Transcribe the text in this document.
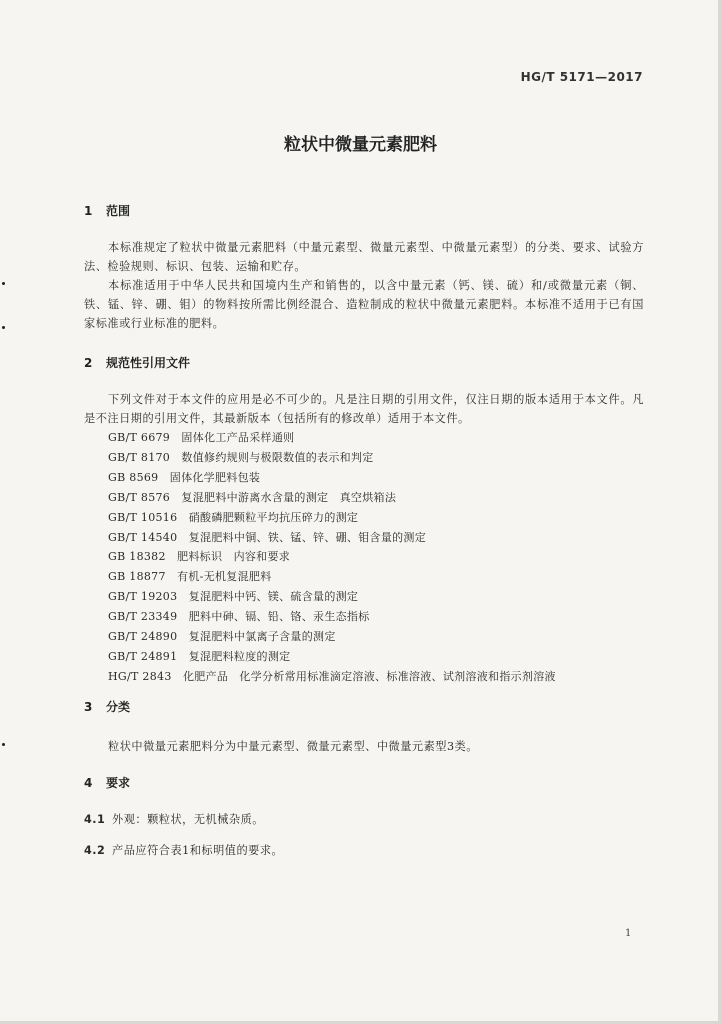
HG/T 5171—2017
粒状中微量元素肥料
1 范围
本标准规定了粒状中微量元素肥料（中量元素型、微量元素型、中微量元素型）的分类、要求、试验方法、检验规则、标识、包装、运输和贮存。
本标准适用于中华人民共和国境内生产和销售的，以含中量元素（钙、镁、硫）和/或微量元素（铜、铁、锰、锌、硼、钼）的物料按所需比例经混合、造粒制成的粒状中微量元素肥料。本标准不适用于已有国家标准或行业标准的肥料。
2 规范性引用文件
下列文件对于本文件的应用是必不可少的。凡是注日期的引用文件，仅注日期的版本适用于本文件。凡是不注日期的引用文件，其最新版本（包括所有的修改单）适用于本文件。
GB/T 6679　 固体化工产品采样通则
GB/T 8170　 数值修约规则与极限数值的表示和判定
GB 8569　 固体化学肥料包装
GB/T 8576　 复混肥料中游离水含量的测定　真空烘箱法
GB/T 10516　 硝酸磷肥颗粒平均抗压碎力的测定
GB/T 14540　 复混肥料中铜、铁、锰、锌、硼、钼含量的测定
GB 18382　 肥料标识　内容和要求
GB 18877　 有机-无机复混肥料
GB/T 19203　 复混肥料中钙、镁、硫含量的测定
GB/T 23349　 肥料中砷、镉、铅、铬、汞生态指标
GB/T 24890　 复混肥料中氯离子含量的测定
GB/T 24891　 复混肥料粒度的测定
HG/T 2843　 化肥产品　化学分析常用标准滴定溶液、标准溶液、试剂溶液和指示剂溶液
3 分类
粒状中微量元素肥料分为中量元素型、微量元素型、中微量元素型3类。
4 要求
4.1 外观：颗粒状，无机械杂质。
4.2 产品应符合表1和标明值的要求。
1
